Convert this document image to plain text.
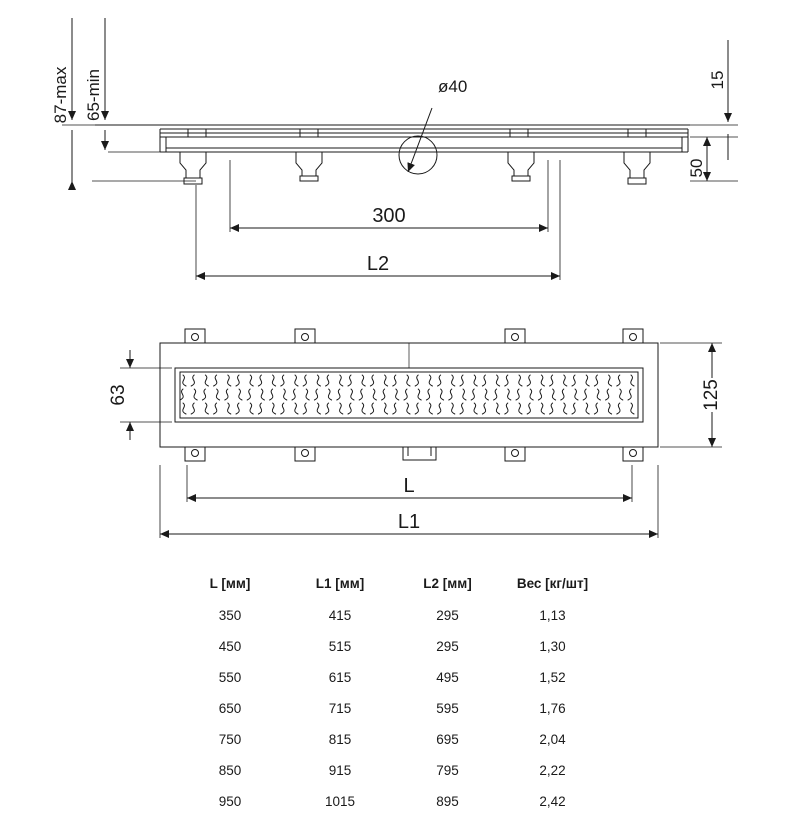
87-max 65-min	ø40	15
50
300
L2
63	125
L
L1
L [мм]	L1 [мм]	L2 [мм]	Вес [кг/шт]
350	415	295	1,13
450	515	295	1,30
550	615	495	1,52
650	715	595	1,76
750	815	695	2,04
850	915	795	2,22
950	1015	895	2,42
